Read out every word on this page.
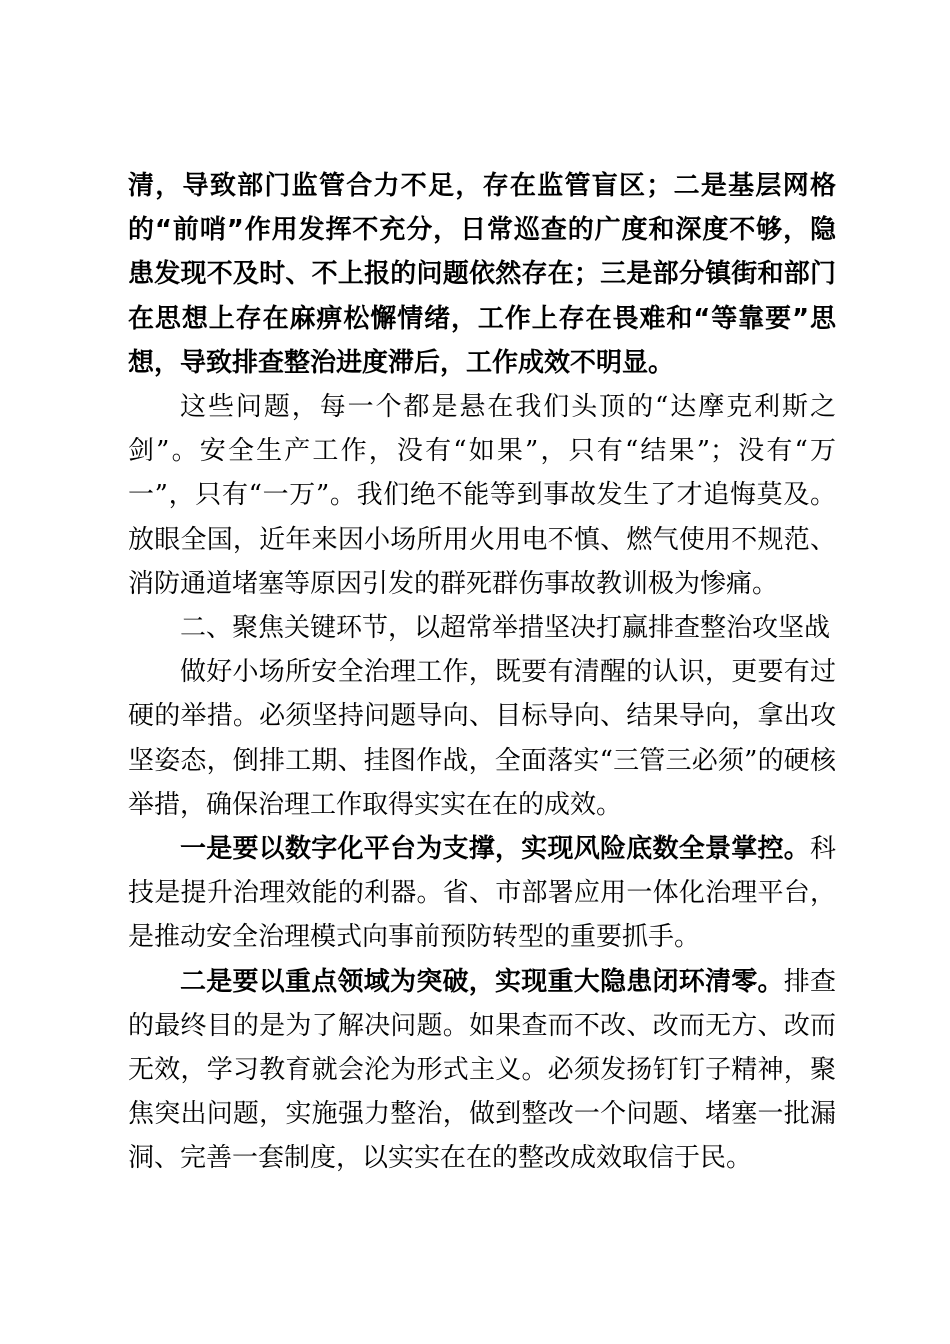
清，导致部门监管合力不足，存在监管盲区；二是基层网格的“前哨”作用发挥不充分，日常巡查的广度和深度不够，隐患发现不及时、不上报的问题依然存在；三是部分镇街和部门在思想上存在麻痹松懈情绪，工作上存在畏难和“等靠要”思想，导致排查整治进度滞后，工作成效不明显。

这些问题，每一个都是悬在我们头顶的“达摩克利斯之剑”。安全生产工作，没有“如果”，只有“结果”；没有“万一”，只有“一万”。我们绝不能等到事故发生了才追悔莫及。放眼全国，近年来因小场所用火用电不慎、燃气使用不规范、消防通道堵塞等原因引发的群死群伤事故教训极为惨痛。

二、聚焦关键环节，以超常举措坚决打赢排查整治攻坚战

做好小场所安全治理工作，既要有清醒的认识，更要有过硬的举措。必须坚持问题导向、目标导向、结果导向，拿出攻坚姿态，倒排工期、挂图作战，全面落实“三管三必须”的硬核举措，确保治理工作取得实实在在的成效。

一是要以数字化平台为支撑，实现风险底数全景掌控。科技是提升治理效能的利器。省、市部署应用一体化治理平台，是推动安全治理模式向事前预防转型的重要抓手。

二是要以重点领域为突破，实现重大隐患闭环清零。排查的最终目的是为了解决问题。如果查而不改、改而无方、改而无效，学习教育就会沦为形式主义。必须发扬钉钉子精神，聚焦突出问题，实施强力整治，做到整改一个问题、堵塞一批漏洞、完善一套制度，以实实在在的整改成效取信于民。
